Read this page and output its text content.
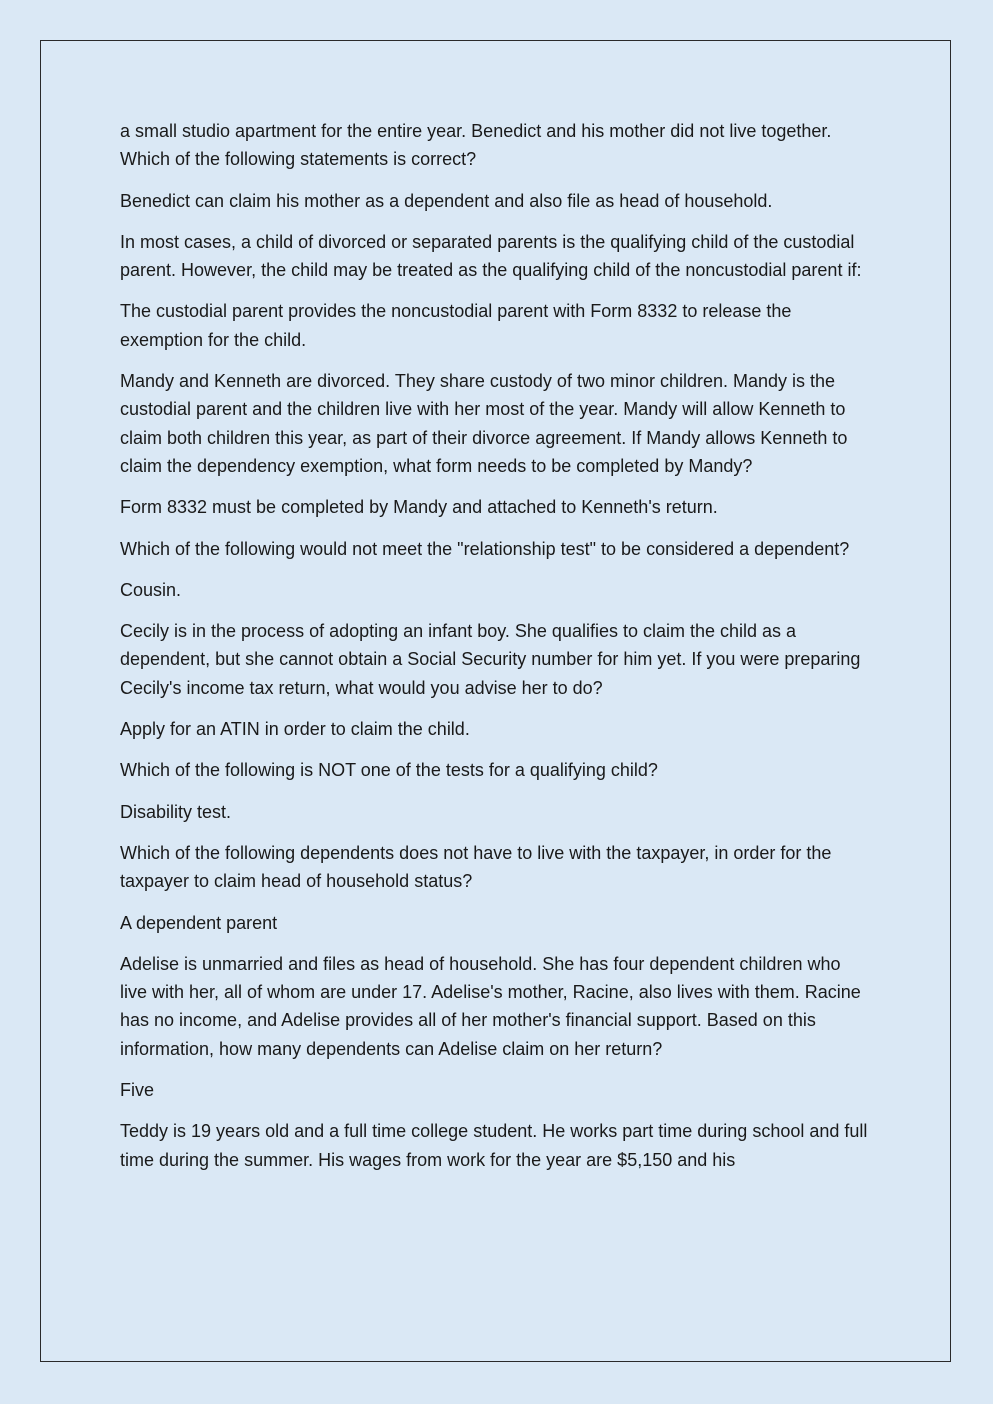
a small studio apartment for the entire year. Benedict and his mother did not live together. Which of the following statements is correct?

Benedict can claim his mother as a dependent and also file as head of household.

In most cases, a child of divorced or separated parents is the qualifying child of the custodial parent. However, the child may be treated as the qualifying child of the noncustodial parent if:

The custodial parent provides the noncustodial parent with Form 8332 to release the exemption for the child.

Mandy and Kenneth are divorced. They share custody of two minor children. Mandy is the custodial parent and the children live with her most of the year. Mandy will allow Kenneth to claim both children this year, as part of their divorce agreement. If Mandy allows Kenneth to claim the dependency exemption, what form needs to be completed by Mandy?

Form 8332 must be completed by Mandy and attached to Kenneth's return.

Which of the following would not meet the "relationship test" to be considered a dependent?

Cousin.

Cecily is in the process of adopting an infant boy. She qualifies to claim the child as a dependent, but she cannot obtain a Social Security number for him yet. If you were preparing Cecily's income tax return, what would you advise her to do?

Apply for an ATIN in order to claim the child.

Which of the following is NOT one of the tests for a qualifying child?

Disability test.

Which of the following dependents does not have to live with the taxpayer, in order for the taxpayer to claim head of household status?

A dependent parent

Adelise is unmarried and files as head of household. She has four dependent children who live with her, all of whom are under 17. Adelise's mother, Racine, also lives with them. Racine has no income, and Adelise provides all of her mother's financial support. Based on this information, how many dependents can Adelise claim on her return?

Five

Teddy is 19 years old and a full time college student. He works part time during school and full time during the summer. His wages from work for the year are $5,150 and his
